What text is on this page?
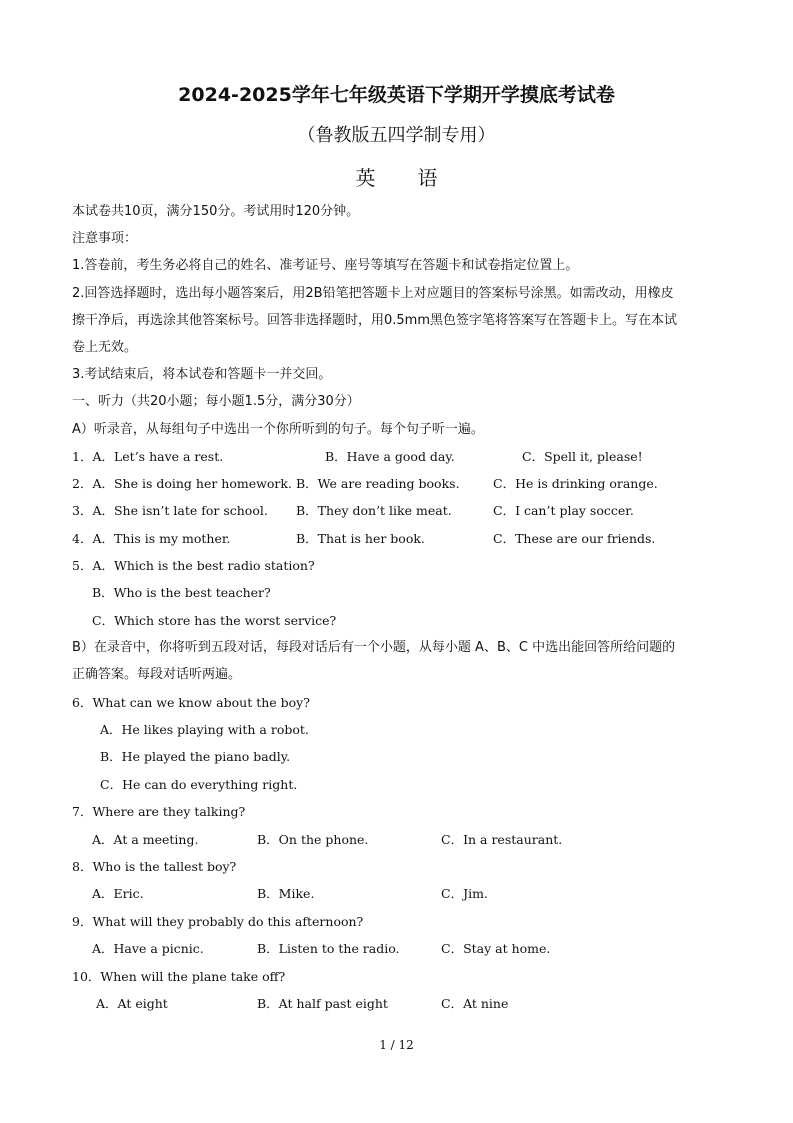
2024-2025学年七年级英语下学期开学摸底考试卷
（鲁教版五四学制专用）
英语
本试卷共10页，满分150分。考试用时120分钟。
注意事项：
1.答卷前，考生务必将自己的姓名、准考证号、座号等填写在答题卡和试卷指定位置上。
2.回答选择题时，选出每小题答案后，用2B铅笔把答题卡上对应题目的答案标号涂黑。如需改动，用橡皮
擦干净后，再选涂其他答案标号。回答非选择题时，用0.5mm黑色签字笔将答案写在答题卡上。写在本试
卷上无效。
3.考试结束后，将本试卷和答题卡一并交回。
一、听力（共20小题；每小题1.5分，满分30分）
A）听录音，从每组句子中选出一个你所听到的句子。每个句子听一遍。
1．A．Let’s have a rest.	B．Have a good day.	C．Spell it, please!
2．A．She is doing her homework. B．We are reading books.	C．He is drinking orange.
3．A．She isn’t late for school. B．They don’t like meat.	C．I can’t play soccer.
4．A．This is my mother.	B．That is her book.	C．These are our friends.
5．A．Which is the best radio station?
B．Who is the best teacher?
C．Which store has the worst service?
B）在录音中，你将听到五段对话，每段对话后有一个小题，从每小题 A、B、C 中选出能回答所给问题的
正确答案。每段对话听两遍。
6．What can we know about the boy?
A．He likes playing with a robot.
B．He played the piano badly.
C．He can do everything right.
7．Where are they talking?
A．At a meeting.	B．On the phone.	C．In a restaurant.
8．Who is the tallest boy?
A．Eric.	B．Mike.	C．Jim.
9．What will they probably do this afternoon?
A．Have a picnic.	B．Listen to the radio.	C．Stay at home.
10．When will the plane take off?
A．At eight	B．At half past eight	C．At nine
1 / 12
